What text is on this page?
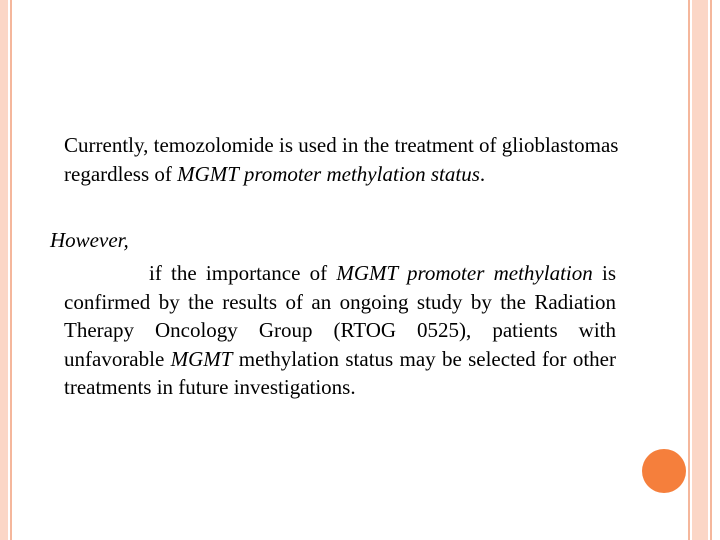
Currently, temozolomide is used in the treatment of glioblastomas regardless of MGMT promoter methylation status.
However,
if the importance of MGMT promoter methylation is confirmed by the results of an ongoing study by the Radiation Therapy Oncology Group (RTOG 0525), patients with unfavorable MGMT methylation status may be selected for other treatments in future investigations.
